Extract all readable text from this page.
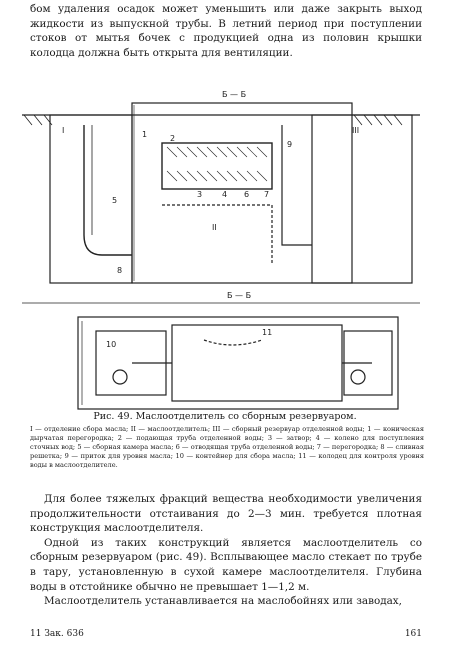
бом удаления осадок может уменьшить или даже закрыть выход жидкости из выпускной трубы. В летний период при поступлении стоков от мытья бочек с продукцией одна из половин крышки колодца должна быть открыта для вентиляции.

Б — Б
Б — Б
I
II
III
1	2
3 4
5
6 7
8
9
10
11
Рис. 49. Маслоотделитель со сборным резервуаром.
I — отделение сбора масла; II — маслоотделитель; III — сборный резервуар отделенной воды; 1 — коническая дырчатая перегородка; 2 — подающая труба отделенной воды; 3 — затвор; 4 — колено для поступления сточных вод; 5 — сборная камера масла; 6 — отводящая труба отделенной воды; 7 — перегородка; 8 — сливная решетка; 9 — приток для уровня масла; 10 — контейнер для сбора масла; 11 — колодец для контроля уровня воды в маслоотделителе.

Для более тяжелых фракций вещества необходимости увеличения продолжительности отстаивания до 2—3 мин. требуется плотная конструкция маслоотделителя.

Одной из таких конструкций является маслоотделитель со сборным резервуаром (рис. 49). Всплывающее масло стекает по трубе в тару, установленную в сухой камере маслоотделителя. Глубина воды в отстойнике обычно не превышает 1—1,2 м.

Маслоотделитель устанавливается на маслобойнях или заводах,

11 Зак. 636	161
